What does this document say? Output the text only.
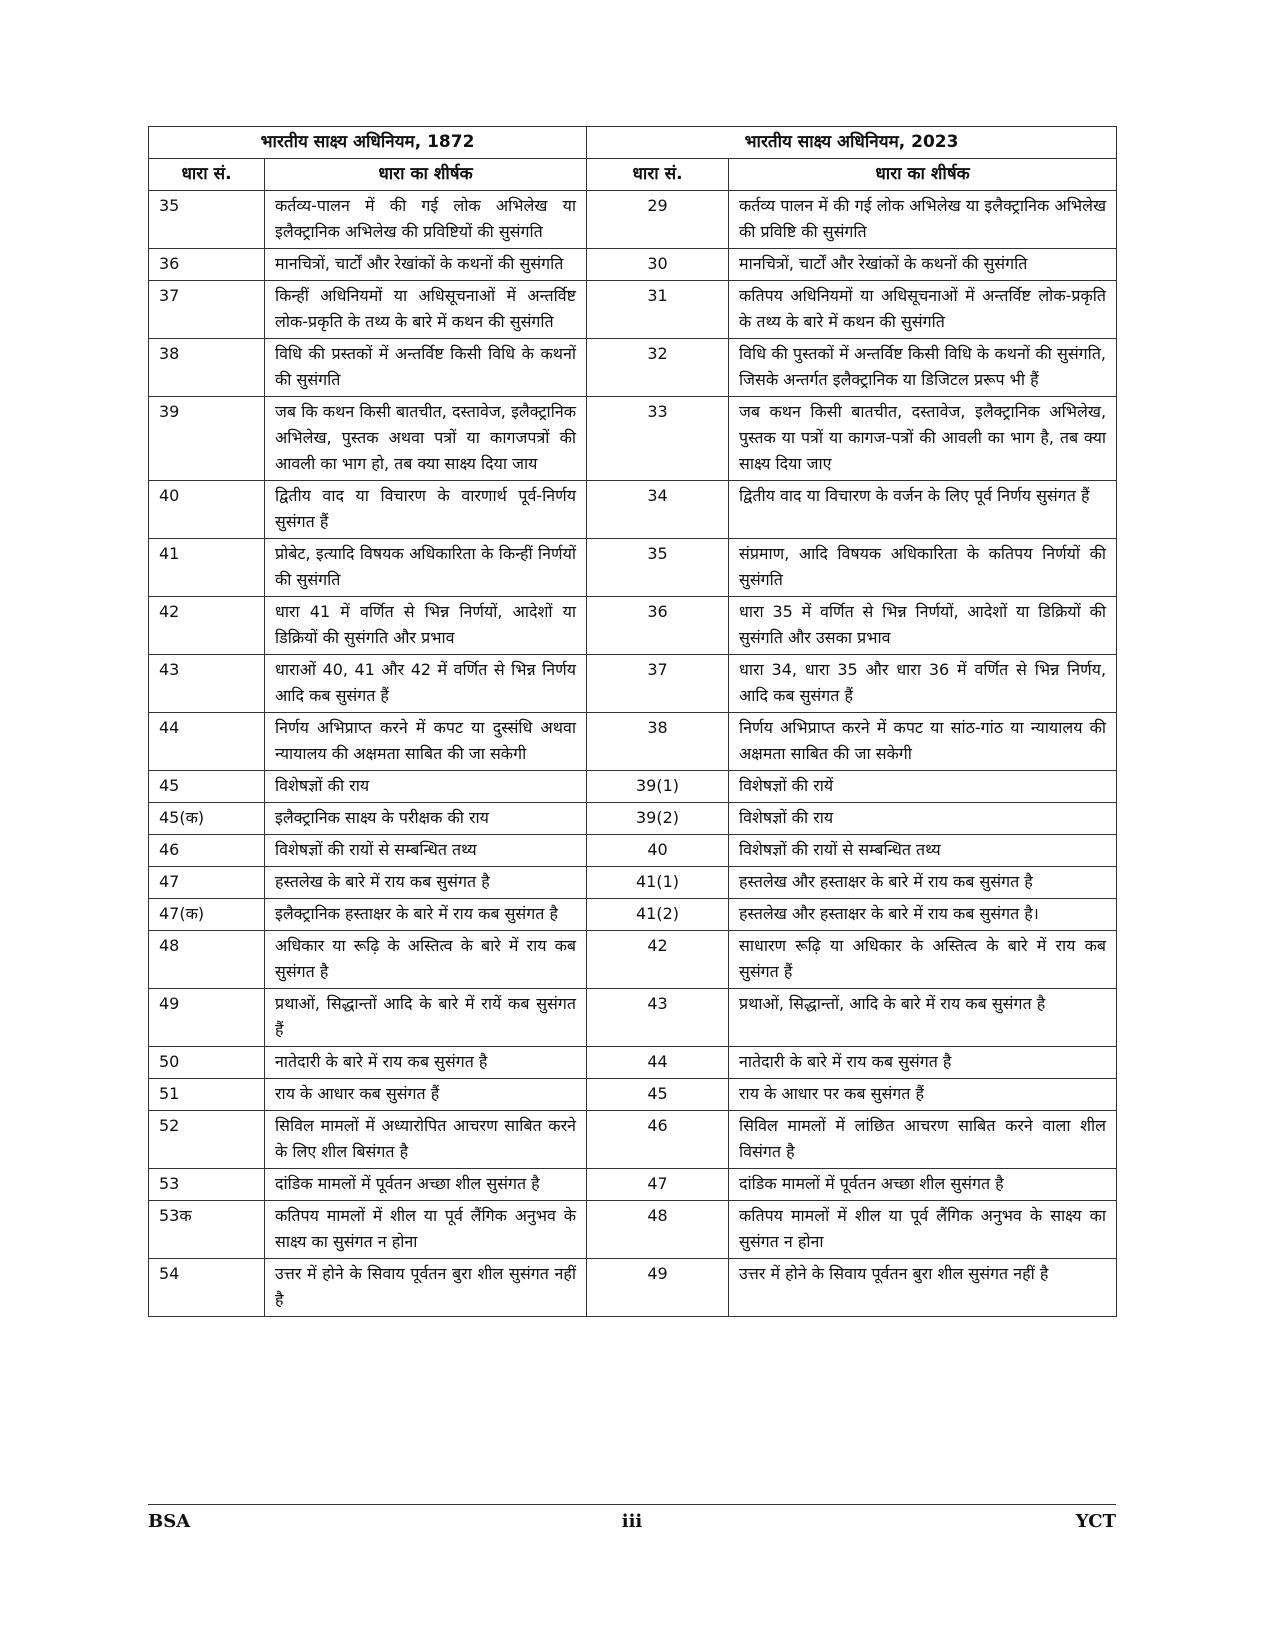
भारतीय साक्ष्य अधिनियम, 1872		भारतीय साक्ष्य अधिनियम, 2023	
धारा सं.	धारा का शीर्षक	धारा सं.	धारा का शीर्षक
35	कर्तव्य-पालन में की गई लोक अभिलेख या इलैक्ट्रानिक अभिलेख की प्रविष्टियों की सुसंगति	29	कर्तव्य पालन में की गई लोक अभिलेख या इलैक्ट्रानिक अभिलेख की प्रविष्टि की सुसंगति
36	मानचित्रों, चार्टों और रेखांकों के कथनों की सुसंगति	30	मानचित्रों, चार्टों और रेखांकों के कथनों की सुसंगति
37	किन्हीं अधिनियमों या अधिसूचनाओं में अन्तर्विष्ट लोक-प्रकृति के तथ्य के बारे में कथन की सुसंगति	31	कतिपय अधिनियमों या अधिसूचनाओं में अन्तर्विष्ट लोक-प्रकृति के तथ्य के बारे में कथन की सुसंगति
38	विधि की प्रस्तकों में अन्तर्विष्ट किसी विधि के कथनों की सुसंगति	32	विधि की पुस्तकों में अन्तर्विष्ट किसी विधि के कथनों की सुसंगति, जिसके अन्तर्गत इलैक्ट्रानिक या डिजिटल प्ररूप भी हैं
39	जब कि कथन किसी बातचीत, दस्तावेज, इलैक्ट्रानिक अभिलेख, पुस्तक अथवा पत्रों या कागजपत्रों की आवली का भाग हो, तब क्या साक्ष्य दिया जाय	33	जब कथन किसी बातचीत, दस्तावेज, इलैक्ट्रानिक अभिलेख, पुस्तक या पत्रों या कागज-पत्रों की आवली का भाग है, तब क्या साक्ष्य दिया जाए
40	द्वितीय वाद या विचारण के वारणार्थ पूर्व-निर्णय सुसंगत हैं	34	द्वितीय वाद या विचारण के वर्जन के लिए पूर्व निर्णय सुसंगत हैं
41	प्रोबेट, इत्यादि विषयक अधिकारिता के किन्हीं निर्णयों की सुसंगति	35	संप्रमाण, आदि विषयक अधिकारिता के कतिपय निर्णयों की सुसंगति
42	धारा 41 में वर्णित से भिन्न निर्णयों, आदेशों या डिक्रियों की सुसंगति और प्रभाव	36	धारा 35 में वर्णित से भिन्न निर्णयों, आदेशों या डिक्रियों की सुसंगति और उसका प्रभाव
43	धाराओं 40, 41 और 42 में वर्णित से भिन्न निर्णय आदि कब सुसंगत हैं	37	धारा 34, धारा 35 और धारा 36 में वर्णित से भिन्न निर्णय, आदि कब सुसंगत हैं
44	निर्णय अभिप्राप्त करने में कपट या दुस्संधि अथवा न्यायालय की अक्षमता साबित की जा सकेगी	38	निर्णय अभिप्राप्त करने में कपट या सांठ-गांठ या न्यायालय की अक्षमता साबित की जा सकेगी
45	विशेषज्ञों की राय	39(1)	विशेषज्ञों की रायें
45(क)	इलैक्ट्रानिक साक्ष्य के परीक्षक की राय	39(2)	विशेषज्ञों की राय
46	विशेषज्ञों की रायों से सम्बन्धित तथ्य	40	विशेषज्ञों की रायों से सम्बन्धित तथ्य
47	हस्तलेख के बारे में राय कब सुसंगत है	41(1)	हस्तलेख और हस्ताक्षर के बारे में राय कब सुसंगत है
47(क)	इलैक्ट्रानिक हस्ताक्षर के बारे में राय कब सुसंगत है	41(2)	हस्तलेख और हस्ताक्षर के बारे में राय कब सुसंगत है।
48	अधिकार या रूढ़ि के अस्तित्व के बारे में राय कब सुसंगत है	42	साधारण रूढ़ि या अधिकार के अस्तित्व के बारे में राय कब सुसंगत हैं
49	प्रथाओं, सिद्धान्तों आदि के बारे में रायें कब सुसंगत हैं	43	प्रथाओं, सिद्धान्तों, आदि के बारे में राय कब सुसंगत है
50	नातेदारी के बारे में राय कब सुसंगत है	44	नातेदारी के बारे में राय कब सुसंगत है
51	राय के आधार कब सुसंगत हैं	45	राय के आधार पर कब सुसंगत हैं
52	सिविल मामलों में अध्यारोपित आचरण साबित करने के लिए शील बिसंगत है	46	सिविल मामलों में लांछित आचरण साबित करने वाला शील विसंगत है
53	दांडिक मामलों में पूर्वतन अच्छा शील सुसंगत है	47	दांडिक मामलों में पूर्वतन अच्छा शील सुसंगत है
53क	कतिपय मामलों में शील या पूर्व लैंगिक अनुभव के साक्ष्य का सुसंगत न होना	48	कतिपय मामलों में शील या पूर्व लैंगिक अनुभव के साक्ष्य का सुसंगत न होना
54	उत्तर में होने के सिवाय पूर्वतन बुरा शील सुसंगत नहीं है	49	उत्तर में होने के सिवाय पूर्वतन बुरा शील सुसंगत नहीं है
BSA	iii	YCT
